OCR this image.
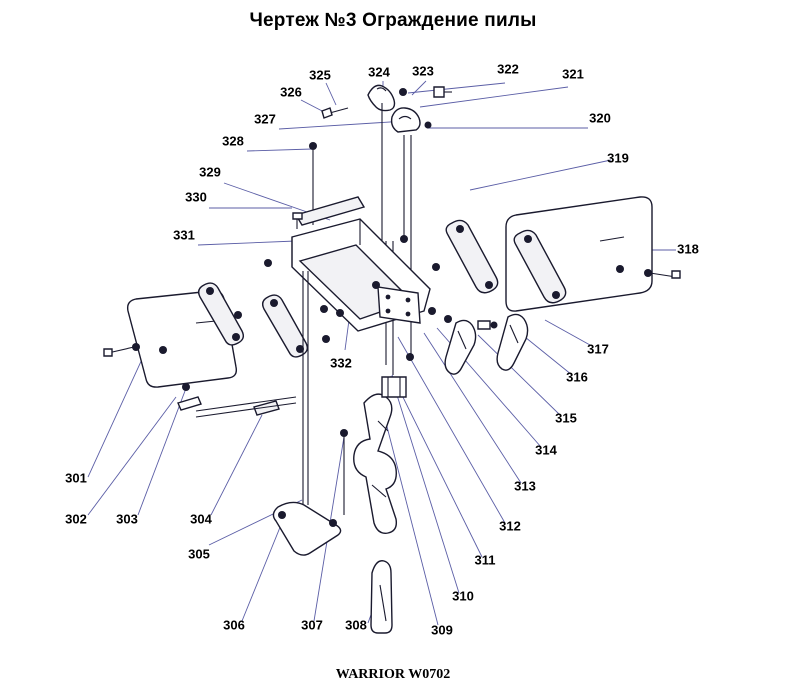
Чертеж №3 Ограждение пилы
325	324 323	322	321
326
327	320
328
319
329
330
331
318
317
316
332
315
314
313
312
311
310
309
308
307
306
305
304
303
302
301
WARRIOR W0702
